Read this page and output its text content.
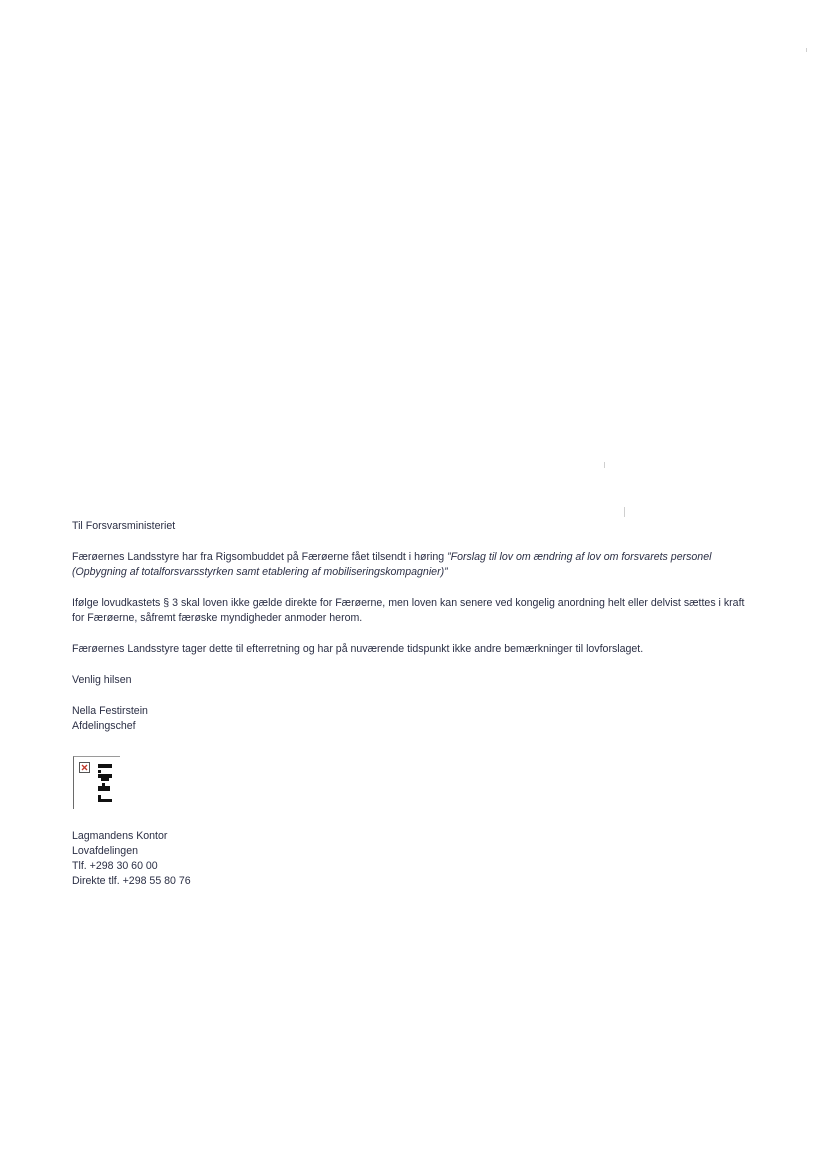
Til Forsvarsministeriet

Færøernes Landsstyre har fra Rigsombuddet på Færøerne fået tilsendt i høring ”Forslag til lov om ændring af lov om forsvarets personel (Opbygning af totalforsvarsstyrken samt etablering af mobiliseringskompagnier)”

Ifølge lovudkastets § 3 skal loven ikke gælde direkte for Færøerne, men loven kan senere ved kongelig anordning helt eller delvist sættes i kraft for Færøerne, såfremt færøske myndigheder anmoder herom.

Færøernes Landsstyre tager dette til efterretning og har på nuværende tidspunkt ikke andre bemærkninger til lovforslaget.

Venlig hilsen

Nella Festirstein

Afdelingschef

Lagmandens Kontor

Lovafdelingen

Tlf. +298 30 60 00

Direkte tlf. +298 55 80 76
